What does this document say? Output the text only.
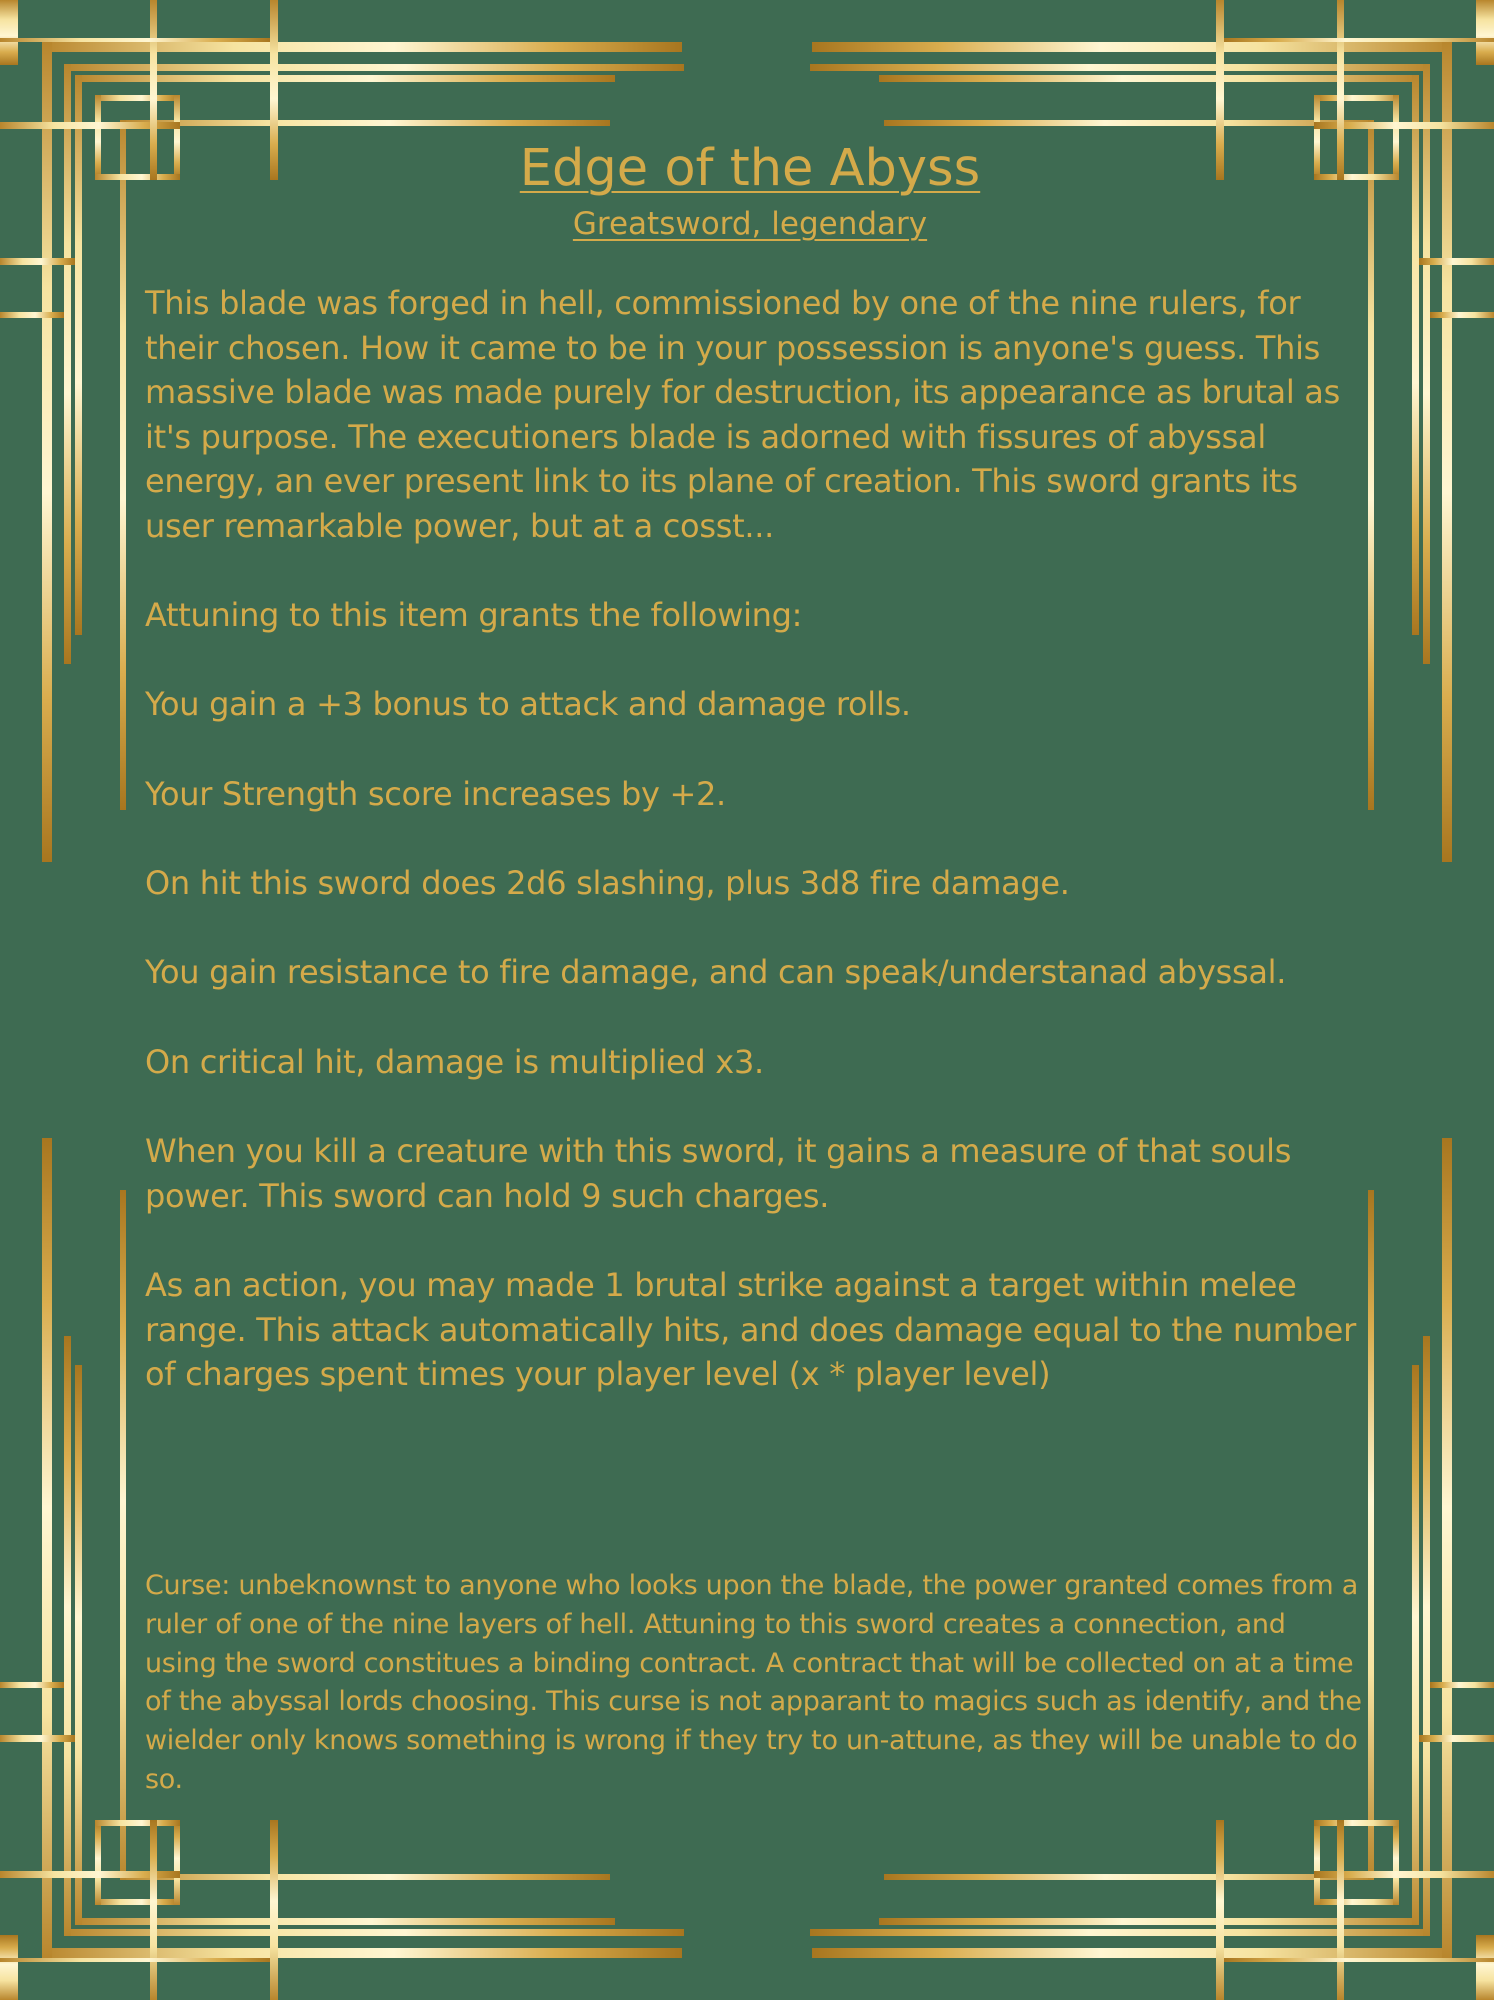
Edge of the Abyss
Greatsword, legendary

This blade was forged in hell, commissioned by one of the nine rulers, for their chosen. How it came to be in your possession is anyone's guess. This massive blade was made purely for destruction, its appearance as brutal as it's purpose. The executioners blade is adorned with fissures of abyssal energy, an ever present link to its plane of creation. This sword grants its user remarkable power, but at a cosst...

Attuning to this item grants the following:

You gain a +3 bonus to attack and damage rolls.

Your Strength score increases by +2.

On hit this sword does 2d6 slashing, plus 3d8 fire damage.

You gain resistance to fire damage, and can speak/understanad abyssal.

On critical hit, damage is multiplied x3.

When you kill a creature with this sword, it gains a measure of that souls power. This sword can hold 9 such charges.

As an action, you may made 1 brutal strike against a target within melee range. This attack automatically hits, and does damage equal to the number of charges spent times your player level (x * player level)

Curse: unbeknownst to anyone who looks upon the blade, the power granted comes from a ruler of one of the nine layers of hell. Attuning to this sword creates a connection, and using the sword constitues a binding contract. A contract that will be collected on at a time of the abyssal lords choosing. This curse is not apparant to magics such as identify, and the wielder only knows something is wrong if they try to un-attune, as they will be unable to do so.
